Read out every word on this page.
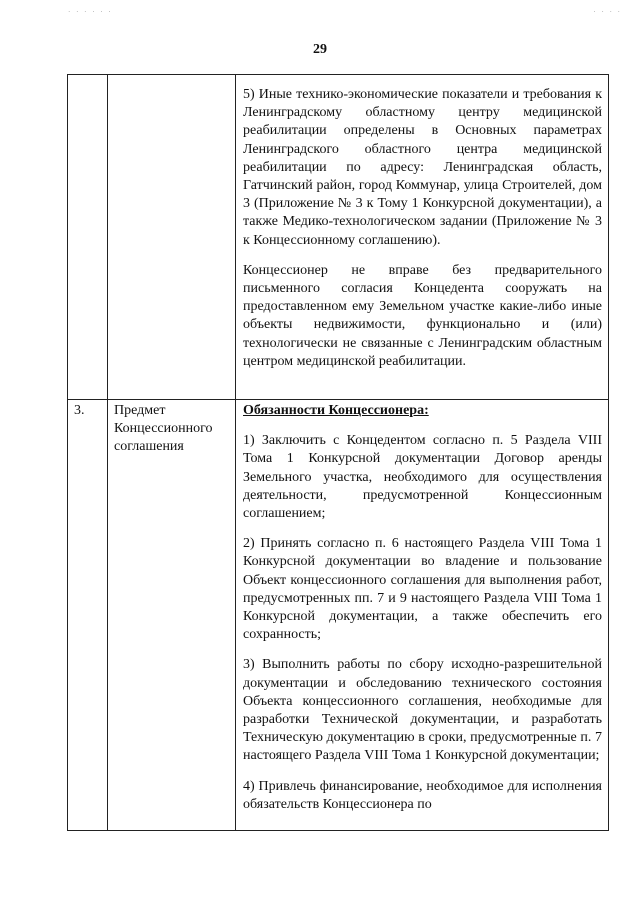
· · · · · ·	· · · ·
29

		5) Иные технико-экономические показатели и требования к Ленинградскому областному центру медицинской реабилитации определены в Основных параметрах Ленинградского областного центра медицинской реабилитации по адресу: Ленинградская область, Гатчинский район, город Коммунар, улица Строителей, дом 3 (Приложение № 3 к Тому 1 Конкурсной документации), а также Медико-технологическом задании (Приложение № 3 к Концессионному соглашению).

Концессионер не вправе без предварительного письменного согласия Концедента сооружать на предоставленном ему Земельном участке какие-либо иные объекты недвижимости, функционально и (или) технологически не связанные с Ленинградским областным центром медицинской реабилитации.

3.	Предмет Концессионного соглашения	Обязанности Концессионера:

1) Заключить с Концедентом согласно п. 5 Раздела VIII Тома 1 Конкурсной документации Договор аренды Земельного участка, необходимого для осуществления деятельности, предусмотренной Концессионным соглашением;

2) Принять согласно п. 6 настоящего Раздела VIII Тома 1 Конкурсной документации во владение и пользование Объект концессионного соглашения для выполнения работ, предусмотренных пп. 7 и 9 настоящего Раздела VIII Тома 1 Конкурсной документации, а также обеспечить его сохранность;

3) Выполнить работы по сбору исходно-разрешительной документации и обследованию технического состояния Объекта концессионного соглашения, необходимые для разработки Технической документации, и разработать Техническую документацию в сроки, предусмотренные п. 7 настоящего Раздела VIII Тома 1 Конкурсной документации;

4) Привлечь финансирование, необходимое для исполнения обязательств Концессионера по
